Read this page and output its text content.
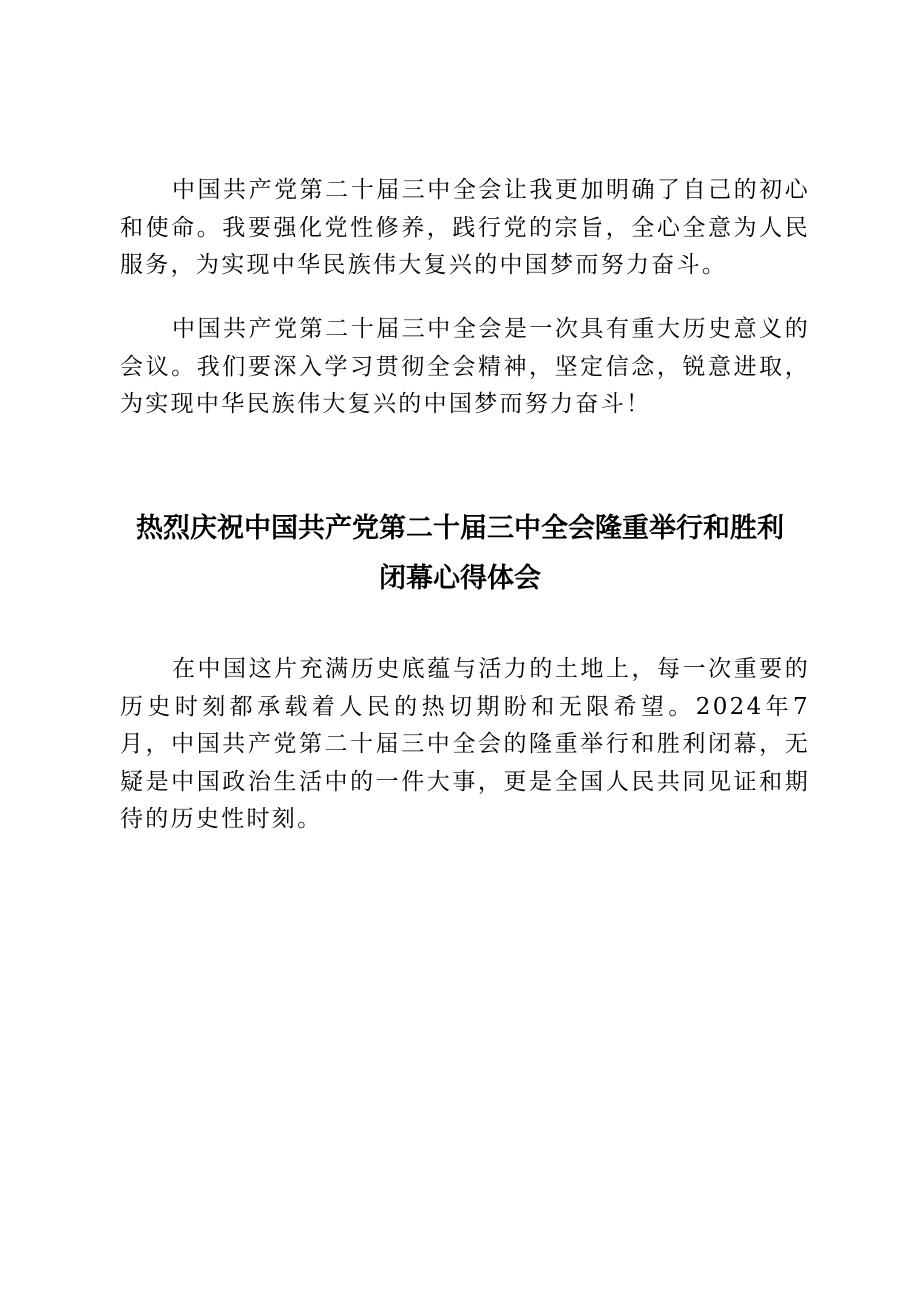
中国共产党第二十届三中全会让我更加明确了自己的初心和使命。我要强化党性修养，践行党的宗旨，全心全意为人民服务，为实现中华民族伟大复兴的中国梦而努力奋斗。

中国共产党第二十届三中全会是一次具有重大历史意义的会议。我们要深入学习贯彻全会精神，坚定信念，锐意进取，为实现中华民族伟大复兴的中国梦而努力奋斗！

热烈庆祝中国共产党第二十届三中全会隆重举行和胜利
闭幕心得体会

在中国这片充满历史底蕴与活力的土地上，每一次重要的历史时刻都承载着人民的热切期盼和无限希望。2024年7月，中国共产党第二十届三中全会的隆重举行和胜利闭幕，无疑是中国政治生活中的一件大事，更是全国人民共同见证和期待的历史性时刻。
